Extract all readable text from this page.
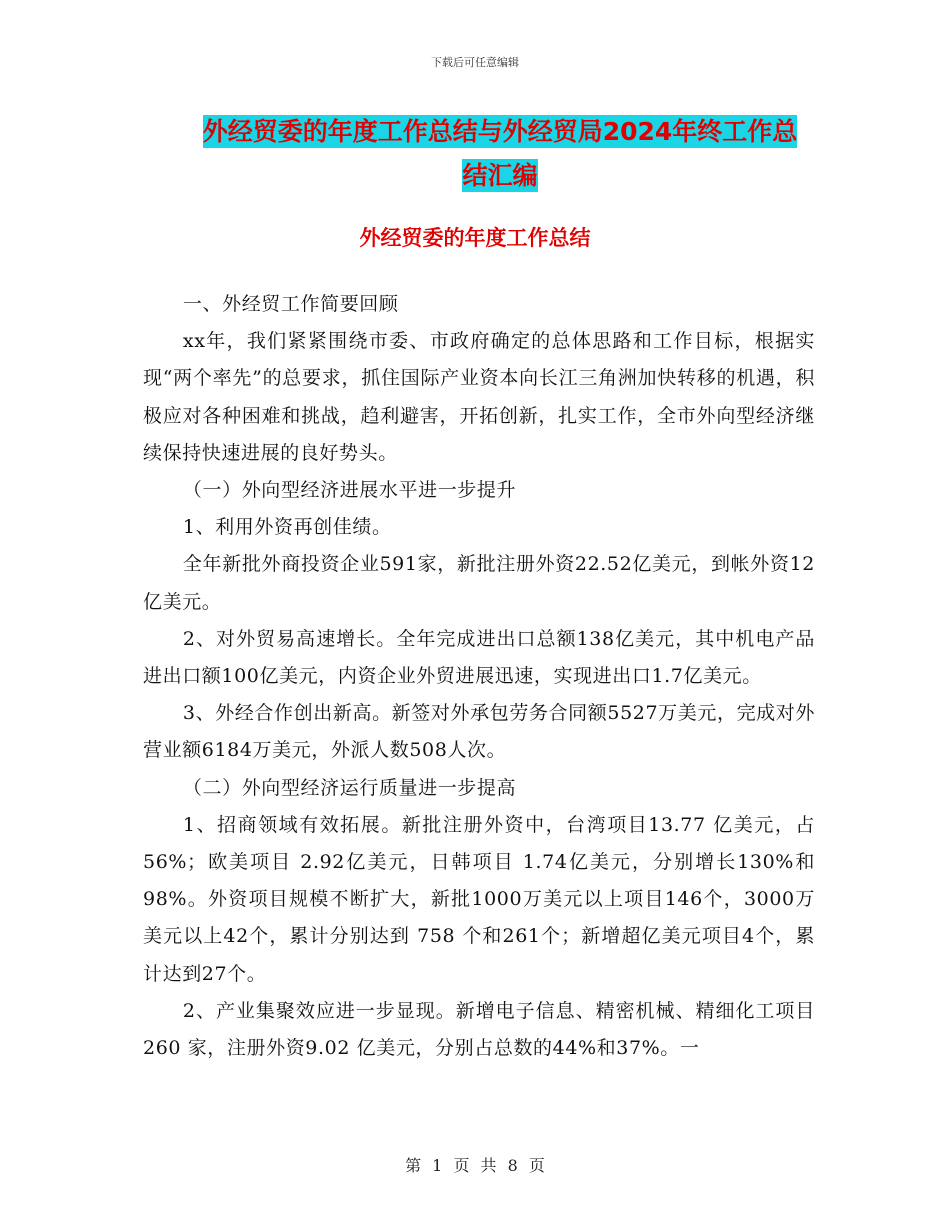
下载后可任意编辑
外经贸委的年度工作总结与外经贸局2024年终工作总
结汇编
外经贸委的年度工作总结

一、外经贸工作简要回顾

xx年，我们紧紧围绕市委、市政府确定的总体思路和工作目标，根据实现“两个率先”的总要求，抓住国际产业资本向长江三角洲加快转移的机遇，积极应对各种困难和挑战，趋利避害，开拓创新，扎实工作，全市外向型经济继续保持快速进展的良好势头。

（一）外向型经济进展水平进一步提升

1、利用外资再创佳绩。

全年新批外商投资企业591家，新批注册外资22.52亿美元，到帐外资12亿美元。

2、对外贸易高速增长。全年完成进出口总额138亿美元，其中机电产品进出口额100亿美元，内资企业外贸进展迅速，实现进出口1.7亿美元。

3、外经合作创出新高。新签对外承包劳务合同额5527万美元，完成对外营业额6184万美元，外派人数508人次。

（二）外向型经济运行质量进一步提高

1、招商领域有效拓展。新批注册外资中，台湾项目13.77 亿美元，占 56%；欧美项目 2.92亿美元，日韩项目 1.74亿美元，分别增长130%和98%。外资项目规模不断扩大，新批1000万美元以上项目146个，3000万美元以上42个，累计分别达到 758 个和261个；新增超亿美元项目4个，累计达到27个。

2、产业集聚效应进一步显现。新增电子信息、精密机械、精细化工项目 260 家，注册外资9.02 亿美元，分别占总数的44%和37%。一

第 1 页 共 8 页
